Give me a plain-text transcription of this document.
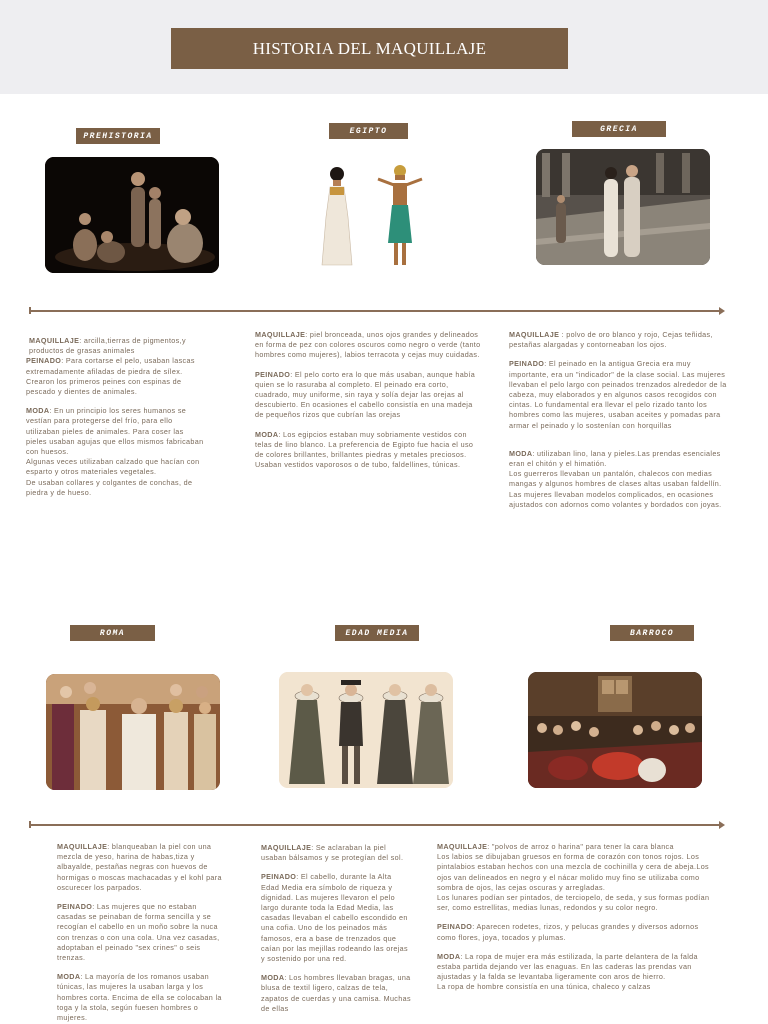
HISTORIA DEL MAQUILLAJE
PREHISTORIA
EGIPTO	GRECIA
ROMA	EDAD MEDIA	BARROCO

MAQUILLAJE: arcilla,tierras de pigmentos,y productos de grasas animales

PEINADO: Para cortarse el pelo, usaban lascas extremadamente afiladas de piedra de sílex.
Crearon los primeros peines con espinas de pescado y dientes de animales.

MODA: En un principio los seres humanos se vestían para protegerse del frío, para ello utilizaban pieles de animales. Para coser las pieles usaban agujas que ellos mismos fabricaban con huesos.
Algunas veces utilizaban calzado que hacían con esparto y otros materiales vegetales.
De usaban collares y colgantes de conchas, de piedra y de hueso.

MAQUILLAJE: piel bronceada, unos ojos grandes y delineados en forma de pez con colores oscuros como negro o verde (tanto hombres como mujeres), labios terracota y cejas muy cuidadas.

PEINADO: El pelo corto era lo que más usaban, aunque había quien se lo rasuraba al completo. El peinado era corto, cuadrado, muy uniforme, sin raya y solía dejar las orejas al descubierto. En ocasiones el cabello consistía en una madeja de pequeños rizos que cubrían las orejas

MODA: Los egipcios estaban muy sobriamente vestidos con telas de lino blanco. La preferencia de Egipto fue hacia el uso de colores brillantes, brillantes piedras y metales preciosos.
Usaban vestidos vaporosos o de tubo, faldellines, túnicas.

MAQUILLAJE : polvo de oro blanco y rojo, Cejas teñidas, pestañas alargadas y contorneaban los ojos.

PEINADO: El peinado en la antigua Grecia era muy importante, era un "indicador" de la clase social. Las mujeres llevaban el pelo largo con peinados trenzados alrededor de la cabeza, muy elaborados y en algunos casos recogidos con cintas. Lo fundamental era llevar el pelo rizado tanto los hombres como las mujeres, usaban aceites y pomadas para armar el peinado y lo sostenían con horquillas

MODA: utilizaban lino, lana y pieles.Las prendas esenciales eran el chitón y el himatión.
Los guerreros llevaban un pantalón, chalecos con medias mangas y algunos hombres de clases altas usaban faldellín.
Las mujeres llevaban modelos complicados, en ocasiones ajustados con adornos como volantes y bordados con joyas.

MAQUILLAJE: blanqueaban la piel con una mezcla de yeso, harina de habas,tiza y albayalde, pestañas negras con huevos de hormigas o moscas machacadas y el kohl para oscurecer los parpados.

PEINADO: Las mujeres que no estaban casadas se peinaban de forma sencilla y se recogían el cabello en un moño sobre la nuca con trenzas o con una cola. Una vez casadas, adoptaban el peinado "sex crines" o seis trenzas.

MODA: La mayoría de los romanos usaban túnicas, las mujeres la usaban larga y los hombres corta. Encima de ella se colocaban la toga y la stola, según fuesen hombres o mujeres.

MAQUILLAJE: Se aclaraban la piel usaban bálsamos y se protegían del sol.

PEINADO: El cabello, durante la Alta Edad Media era símbolo de riqueza y dignidad. Las mujeres llevaron el pelo largo durante toda la Edad Media, las casadas llevaban el cabello escondido en una cofia. Uno de los peinados más famosos, era a base de trenzados que caían por las mejillas rodeando las orejas y sostenido por una red.

MODA: Los hombres llevaban bragas, una blusa de textil ligero, calzas de tela, zapatos de cuerdas y una camisa. Muchas de ellas

MAQUILLAJE: "polvos de arroz o harina" para tener la cara blanca
Los labios se dibujaban gruesos en forma de corazón con tonos rojos. Los pintalabios estaban hechos con una mezcla de cochinilla y cera de abeja.Los ojos van delineados en negro y el nácar molido muy fino se utilizaba como sombra de ojos, las cejas oscuras y arregladas.
Los lunares podían ser pintados, de terciopelo, de seda, y sus formas podían ser, como estrellitas, medias lunas, redondos y su color negro.

PEINADO: Aparecen rodetes, rizos, y pelucas grandes y diversos adornos como flores, joya, tocados y plumas.

MODA: La ropa de mujer era más estilizada, la parte delantera de la falda estaba partida dejando ver las enaguas. En las caderas las prendas van ajustadas y la falda se levantaba ligeramente con aros de hierro.
La ropa de hombre consistía en una túnica, chaleco y calzas
